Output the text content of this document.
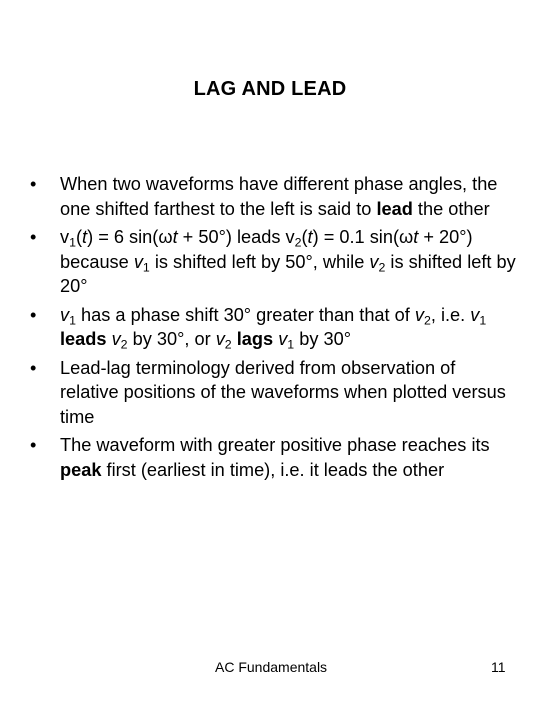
LAG AND LEAD
•	When two waveforms have different phase angles, the one shifted farthest to the left is said to lead the other
•	$v_1(t) = 6$ sin(ωt + 50°) leads $v_2(t) = 0.1$ sin(ωt + 20°) because $v_1$ is shifted left by 50°, while $v_2$ is shifted left by 20°
•	$v_1$ has a phase shift 30° greater than that of $v_2$, i.e. $v_1$ leads $v_2$ by 30°, or $v_2$ lags $v_1$ by 30°
•	Lead-lag terminology derived from observation of relative positions of the waveforms when plotted versus time
•	The waveform with greater positive phase reaches its peak first (earliest in time), i.e. it leads the other
AC Fundamentals	11
